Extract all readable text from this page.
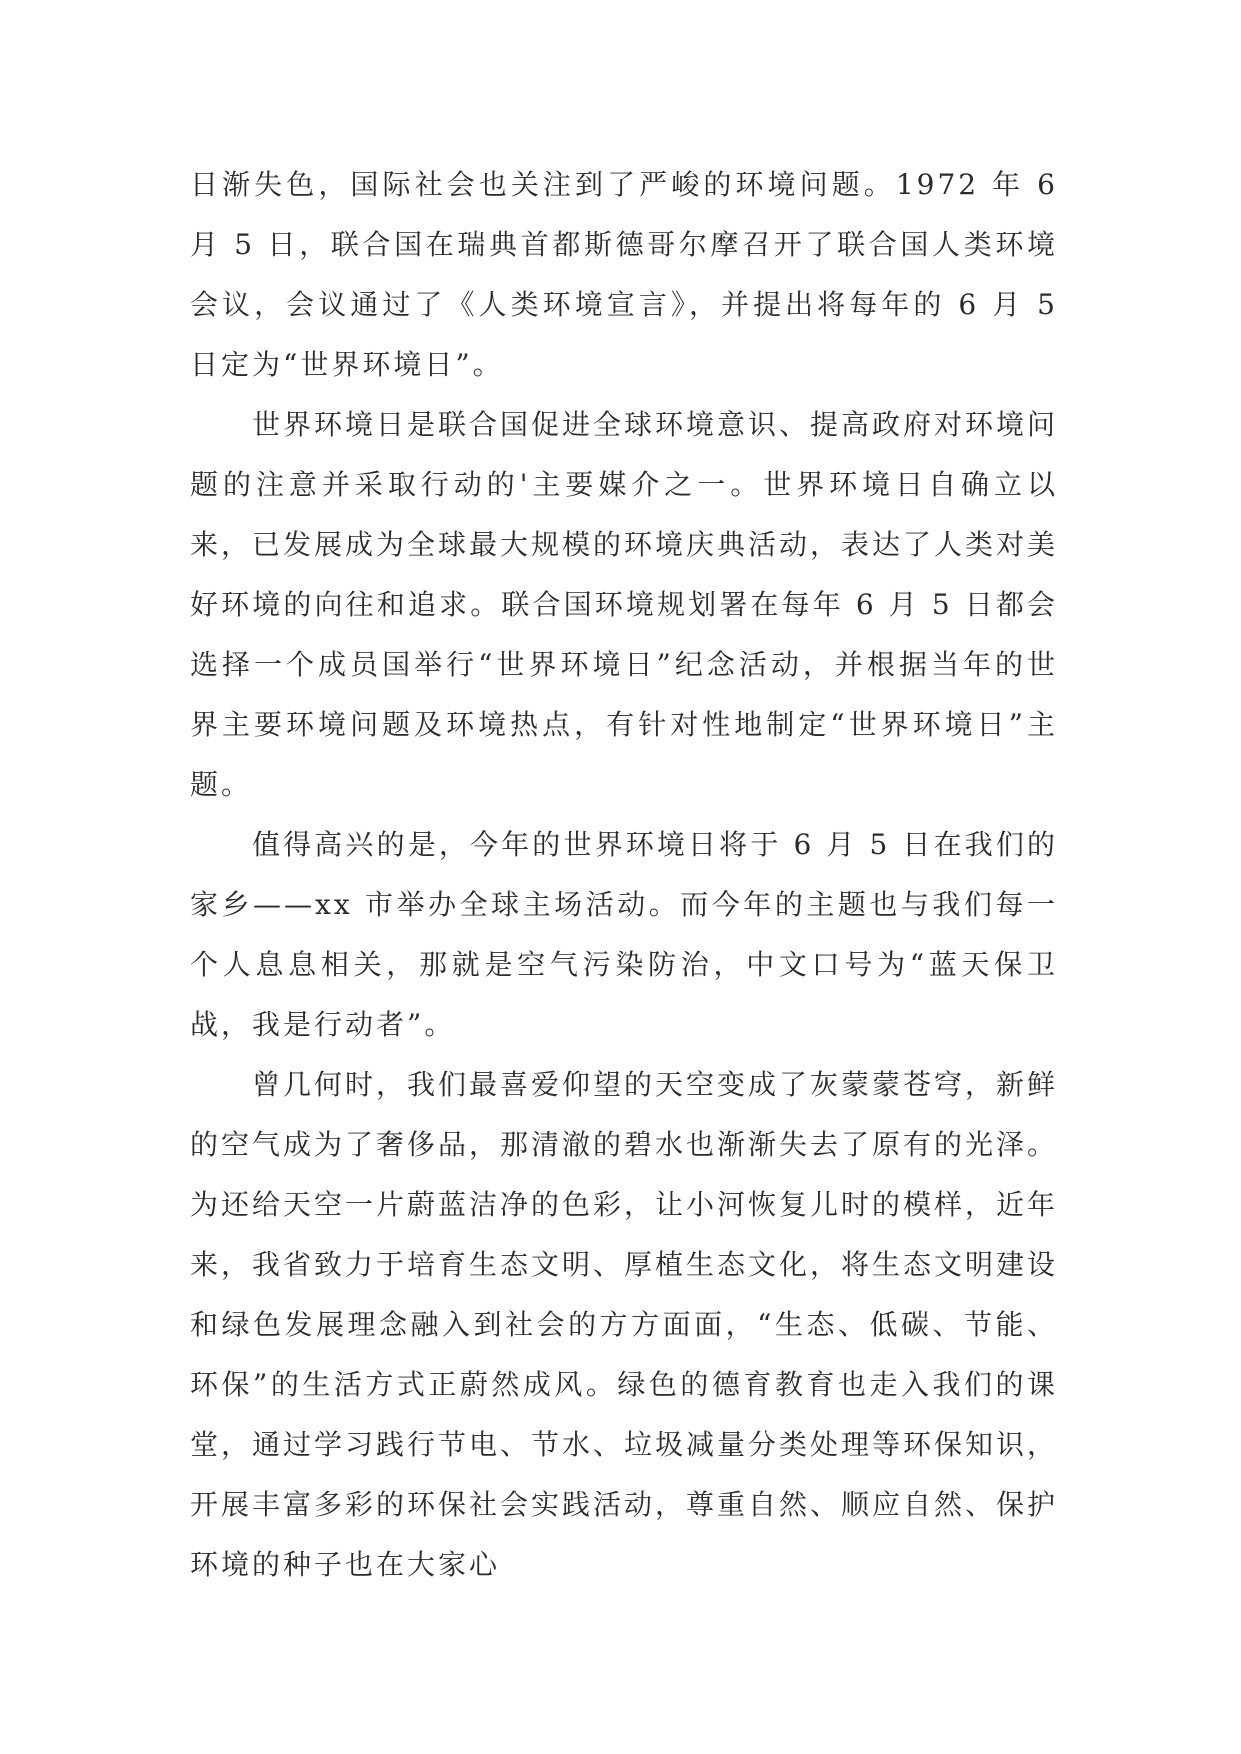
日渐失色，国际社会也关注到了严峻的环境问题。1972 年 6 月 5 日，联合国在瑞典首都斯德哥尔摩召开了联合国人类环境会议，会议通过了《人类环境宣言》，并提出将每年的 6 月 5 日定为“世界环境日”。

世界环境日是联合国促进全球环境意识、提高政府对环境问题的注意并采取行动的'主要媒介之一。世界环境日自确立以来，已发展成为全球最大规模的环境庆典活动，表达了人类对美好环境的向往和追求。联合国环境规划署在每年 6 月 5 日都会选择一个成员国举行“世界环境日”纪念活动，并根据当年的世界主要环境问题及环境热点，有针对性地制定“世界环境日”主题。

值得高兴的是，今年的世界环境日将于 6 月 5 日在我们的家乡——xx 市举办全球主场活动。而今年的主题也与我们每一个人息息相关，那就是空气污染防治，中文口号为“蓝天保卫战，我是行动者”。

曾几何时，我们最喜爱仰望的天空变成了灰蒙蒙苍穹，新鲜的空气成为了奢侈品，那清澈的碧水也渐渐失去了原有的光泽。为还给天空一片蔚蓝洁净的色彩，让小河恢复儿时的模样，近年来，我省致力于培育生态文明、厚植生态文化，将生态文明建设和绿色发展理念融入到社会的方方面面，“生态、低碳、节能、环保”的生活方式正蔚然成风。绿色的德育教育也走入我们的课堂，通过学习践行节电、节水、垃圾减量分类处理等环保知识，开展丰富多彩的环保社会实践活动，尊重自然、顺应自然、保护环境的种子也在大家心
